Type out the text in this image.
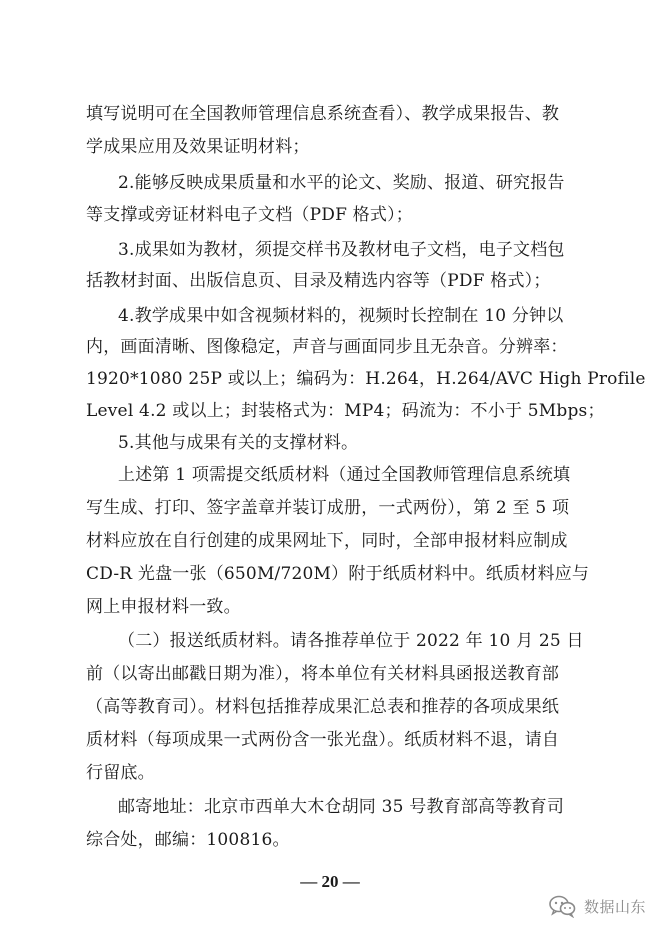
填写说明可在全国教师管理信息系统查看）、教学成果报告、教
学成果应用及效果证明材料；
2.能够反映成果质量和水平的论文、奖励、报道、研究报告
等支撑或旁证材料电子文档（PDF 格式）；
3.成果如为教材，须提交样书及教材电子文档，电子文档包
括教材封面、出版信息页、目录及精选内容等（PDF 格式）；
4.教学成果中如含视频材料的，视频时长控制在 10 分钟以
内，画面清晰、图像稳定，声音与画面同步且无杂音。分辨率：
1920*1080 25P 或以上；编码为：H.264，H.264/AVC High Profile
Level 4.2 或以上；封装格式为：MP4；码流为：不小于 5Mbps；
5.其他与成果有关的支撑材料。
上述第 1 项需提交纸质材料（通过全国教师管理信息系统填
写生成、打印、签字盖章并装订成册，一式两份），第 2 至 5 项
材料应放在自行创建的成果网址下，同时，全部申报材料应制成
CD-R 光盘一张（650M/720M）附于纸质材料中。纸质材料应与
网上申报材料一致。
（二）报送纸质材料。请各推荐单位于 2022 年 10 月 25 日
前（以寄出邮戳日期为准），将本单位有关材料具函报送教育部
（高等教育司）。材料包括推荐成果汇总表和推荐的各项成果纸
质材料（每项成果一式两份含一张光盘）。纸质材料不退，请自
行留底。
邮寄地址：北京市西单大木仓胡同 35 号教育部高等教育司
综合处，邮编：100816。
— 20 —
数据山东
